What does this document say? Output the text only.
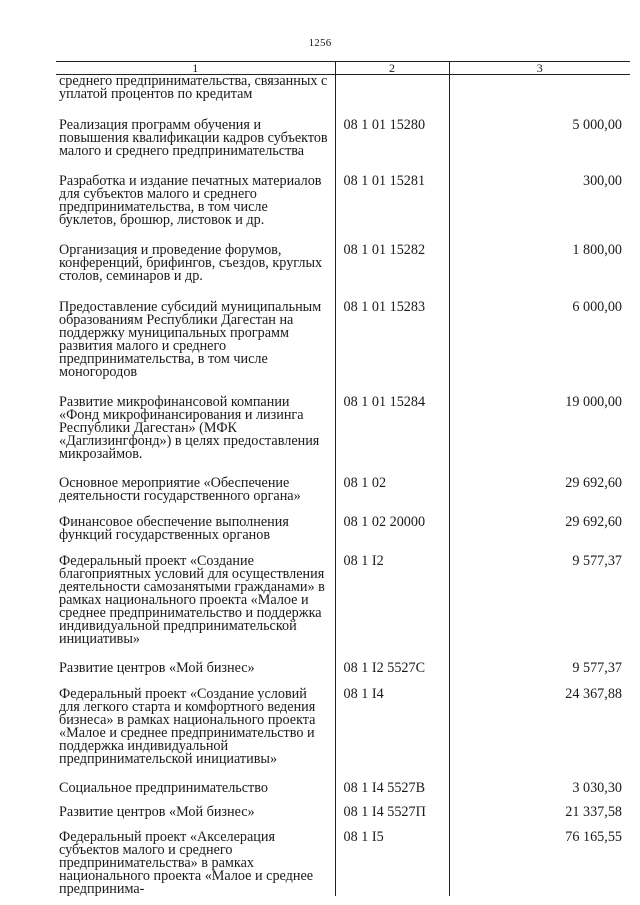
1256
1	2	3
среднего предпринимательства, связанных с уплатой процентов по кредитам		

Реализация программ обучения и повышения квалификации кадров субъектов малого и среднего предпринимательства	08 1 01 15280	5 000,00

Разработка и издание печатных материалов для субъектов малого и среднего предпринимательства, в том числе буклетов, брошюр, листовок и др.	08 1 01 15281	300,00

Организация и проведение форумов, конференций, брифингов, съездов, круглых столов, семинаров и др.	08 1 01 15282	1 800,00

Предоставление субсидий муниципальным образованиям Республики Дагестан на поддержку муниципальных программ развития малого и среднего предпринимательства, в том числе моногородов	08 1 01 15283	6 000,00

Развитие микрофинансовой компании «Фонд микрофинансирования и лизинга Республики Дагестан» (МФК «Даглизингфонд») в целях предоставления микрозаймов.	08 1 01 15284	19 000,00

Основное мероприятие «Обеспечение деятельности государственного органа»	08 1 02	29 692,60

Финансовое обеспечение выполнения функций государственных органов	08 1 02 20000	29 692,60

Федеральный проект «Создание благоприятных условий для осуществления деятельности самозанятыми гражданами» в рамках национального проекта «Малое и среднее предпринимательство и поддержка индивидуальной предпринимательской инициативы»	08 1 I2	9 577,37

Развитие центров «Мой бизнес»	08 1 I2 5527С	9 577,37

Федеральный проект «Создание условий для легкого старта и комфортного ведения бизнеса» в рамках национального проекта «Малое и среднее предпринимательство и поддержка индивидуальной предпринимательской инициативы»	08 1 I4	24 367,88

Социальное предпринимательство	08 1 I4 5527В	3 030,30

Развитие центров «Мой бизнес»	08 1 I4 5527П	21 337,58

Федеральный проект «Акселерация субъектов малого и среднего предпринимательства» в рамках национального проекта «Малое и среднее предпринима-	08 1 I5	76 165,55
